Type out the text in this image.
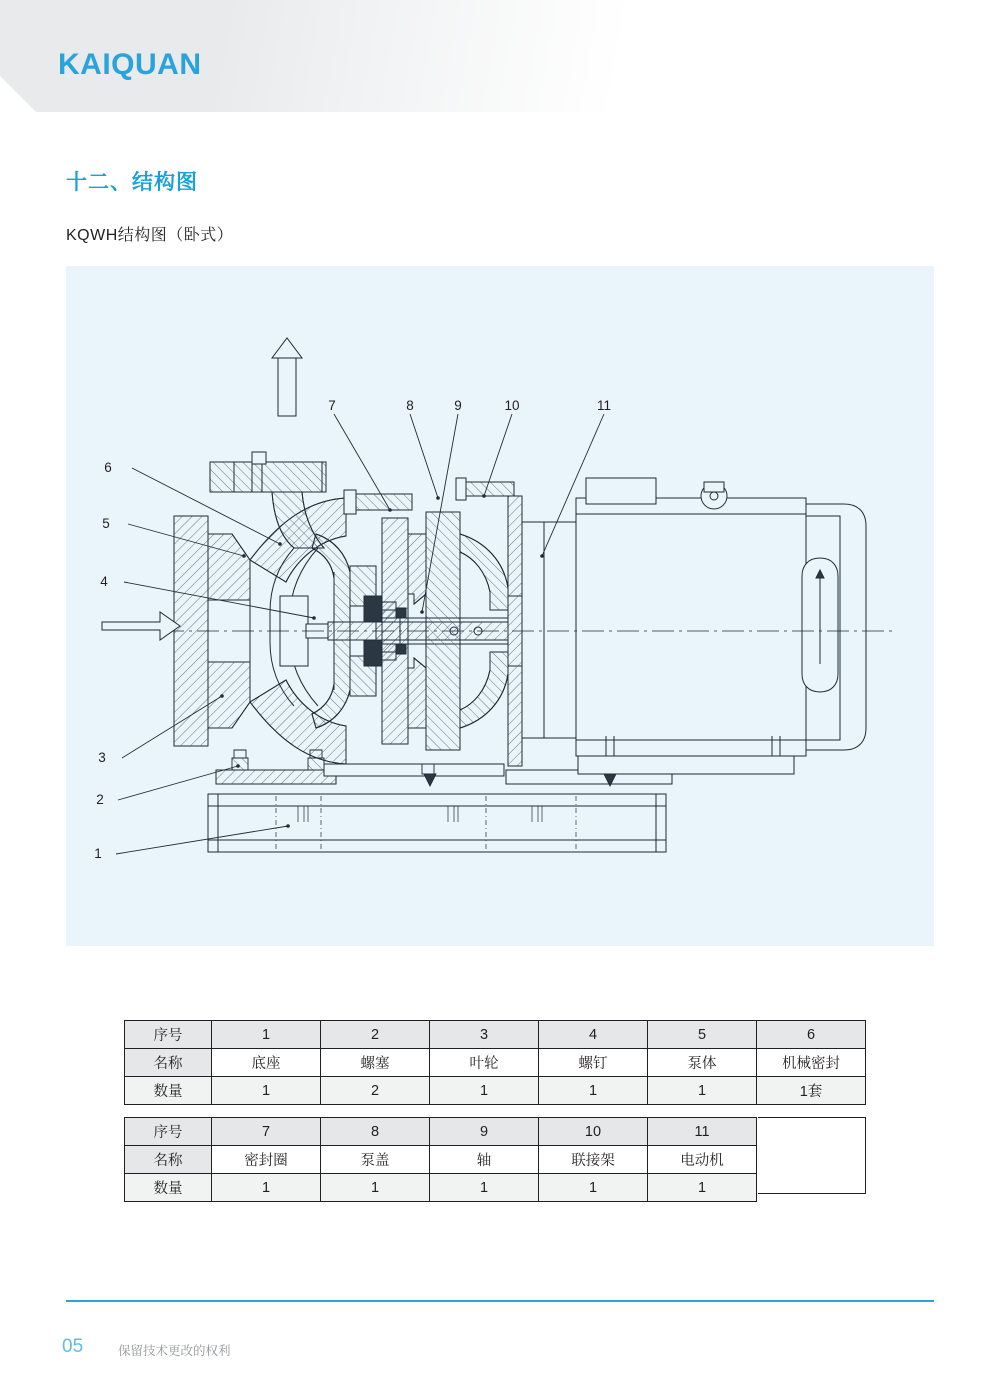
KAIQUAN
十二、结构图
KQWH结构图（卧式）
7	8	9	10	11
6
5
4
3
2
1
序号	1	2	3	4	5	6
名称	底座	螺塞	叶轮	螺钉	泵体	机械密封
数量	1	2	1	1	1	1套
序号	7	8	9	10	11
名称	密封圈	泵盖	轴	联接架	电动机
数量	1	1	1	1	1
05	保留技术更改的权利
